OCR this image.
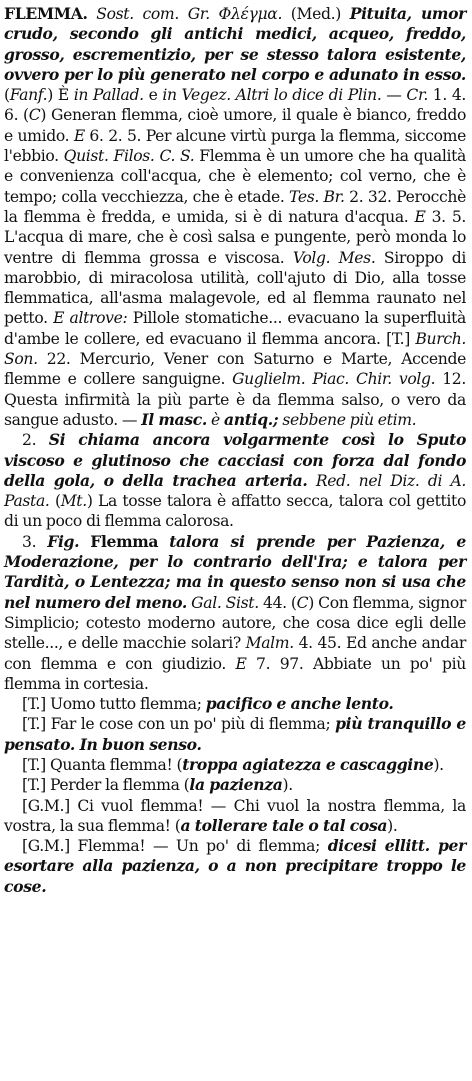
FLEMMA. Sost. com. Gr. Φλέγμα. (Med.) Pituita, umor crudo, secondo gli antichi medici, acqueo, freddo, grosso, escrementizio, per se stesso talora esistente, ovvero per lo più generato nel corpo e adunato in esso. (Fanf.) È in Pallad. e in Vegez. Altri lo dice di Plin. — Cr. 1. 4. 6. (C) Generan flemma, cioè umore, il quale è bianco, freddo e umido. E 6. 2. 5. Per alcune virtù purga la flemma, siccome l'ebbio. Quist. Filos. C. S. Flemma è un umore che ha qualità e convenienza coll'acqua, che è elemento; col verno, che è tempo; colla vecchiezza, che è etade. Tes. Br. 2. 32. Perocchè la flemma è fredda, e umida, si è di natura d'acqua. E 3. 5. L'acqua di mare, che è così salsa e pungente, però monda lo ventre di flemma grossa e viscosa. Volg. Mes. Siroppo di marobbio, di miracolosa utilità, coll'ajuto di Dio, alla tosse flemmatica, all'asma malagevole, ed al flemma raunato nel petto. E altrove: Pillole stomatiche... evacuano la superfluità d'ambe le collere, ed evacuano il flemma ancora. [T.] Burch. Son. 22. Mercurio, Vener con Saturno e Marte, Accende flemme e collere sanguigne. Guglielm. Piac. Chir. volg. 12. Questa infirmità la più parte è da flemma salso, o vero da sangue adusto. — Il masc. è antiq.; sebbene più etim.

2. Si chiama ancora volgarmente così lo Sputo viscoso e glutinoso che cacciasi con forza dal fondo della gola, o della trachea arteria. Red. nel Diz. di A. Pasta. (Mt.) La tosse talora è affatto secca, talora col gettito di un poco di flemma calorosa.

3. Fig. Flemma talora si prende per Pazienza, e Moderazione, per lo contrario dell'Ira; e talora per Tardità, o Lentezza; ma in questo senso non si usa che nel numero del meno. Gal. Sist. 44. (C) Con flemma, signor Simplicio; cotesto moderno autore, che cosa dice egli delle stelle..., e delle macchie solari? Malm. 4. 45. Ed anche andar con flemma e con giudizio. E 7. 97. Abbiate un po' più flemma in cortesia.

[T.] Uomo tutto flemma; pacifico e anche lento.

[T.] Far le cose con un po' più di flemma; più tranquillo e pensato. In buon senso.

[T.] Quanta flemma! (troppa agiatezza e cascaggine).

[T.] Perder la flemma (la pazienza).

[G.M.] Ci vuol flemma! — Chi vuol la nostra flemma, la vostra, la sua flemma! (a tollerare tale o tal cosa).

[G.M.] Flemma! — Un po' di flemma; dicesi ellitt. per esortare alla pazienza, o a non precipitare troppo le cose.
